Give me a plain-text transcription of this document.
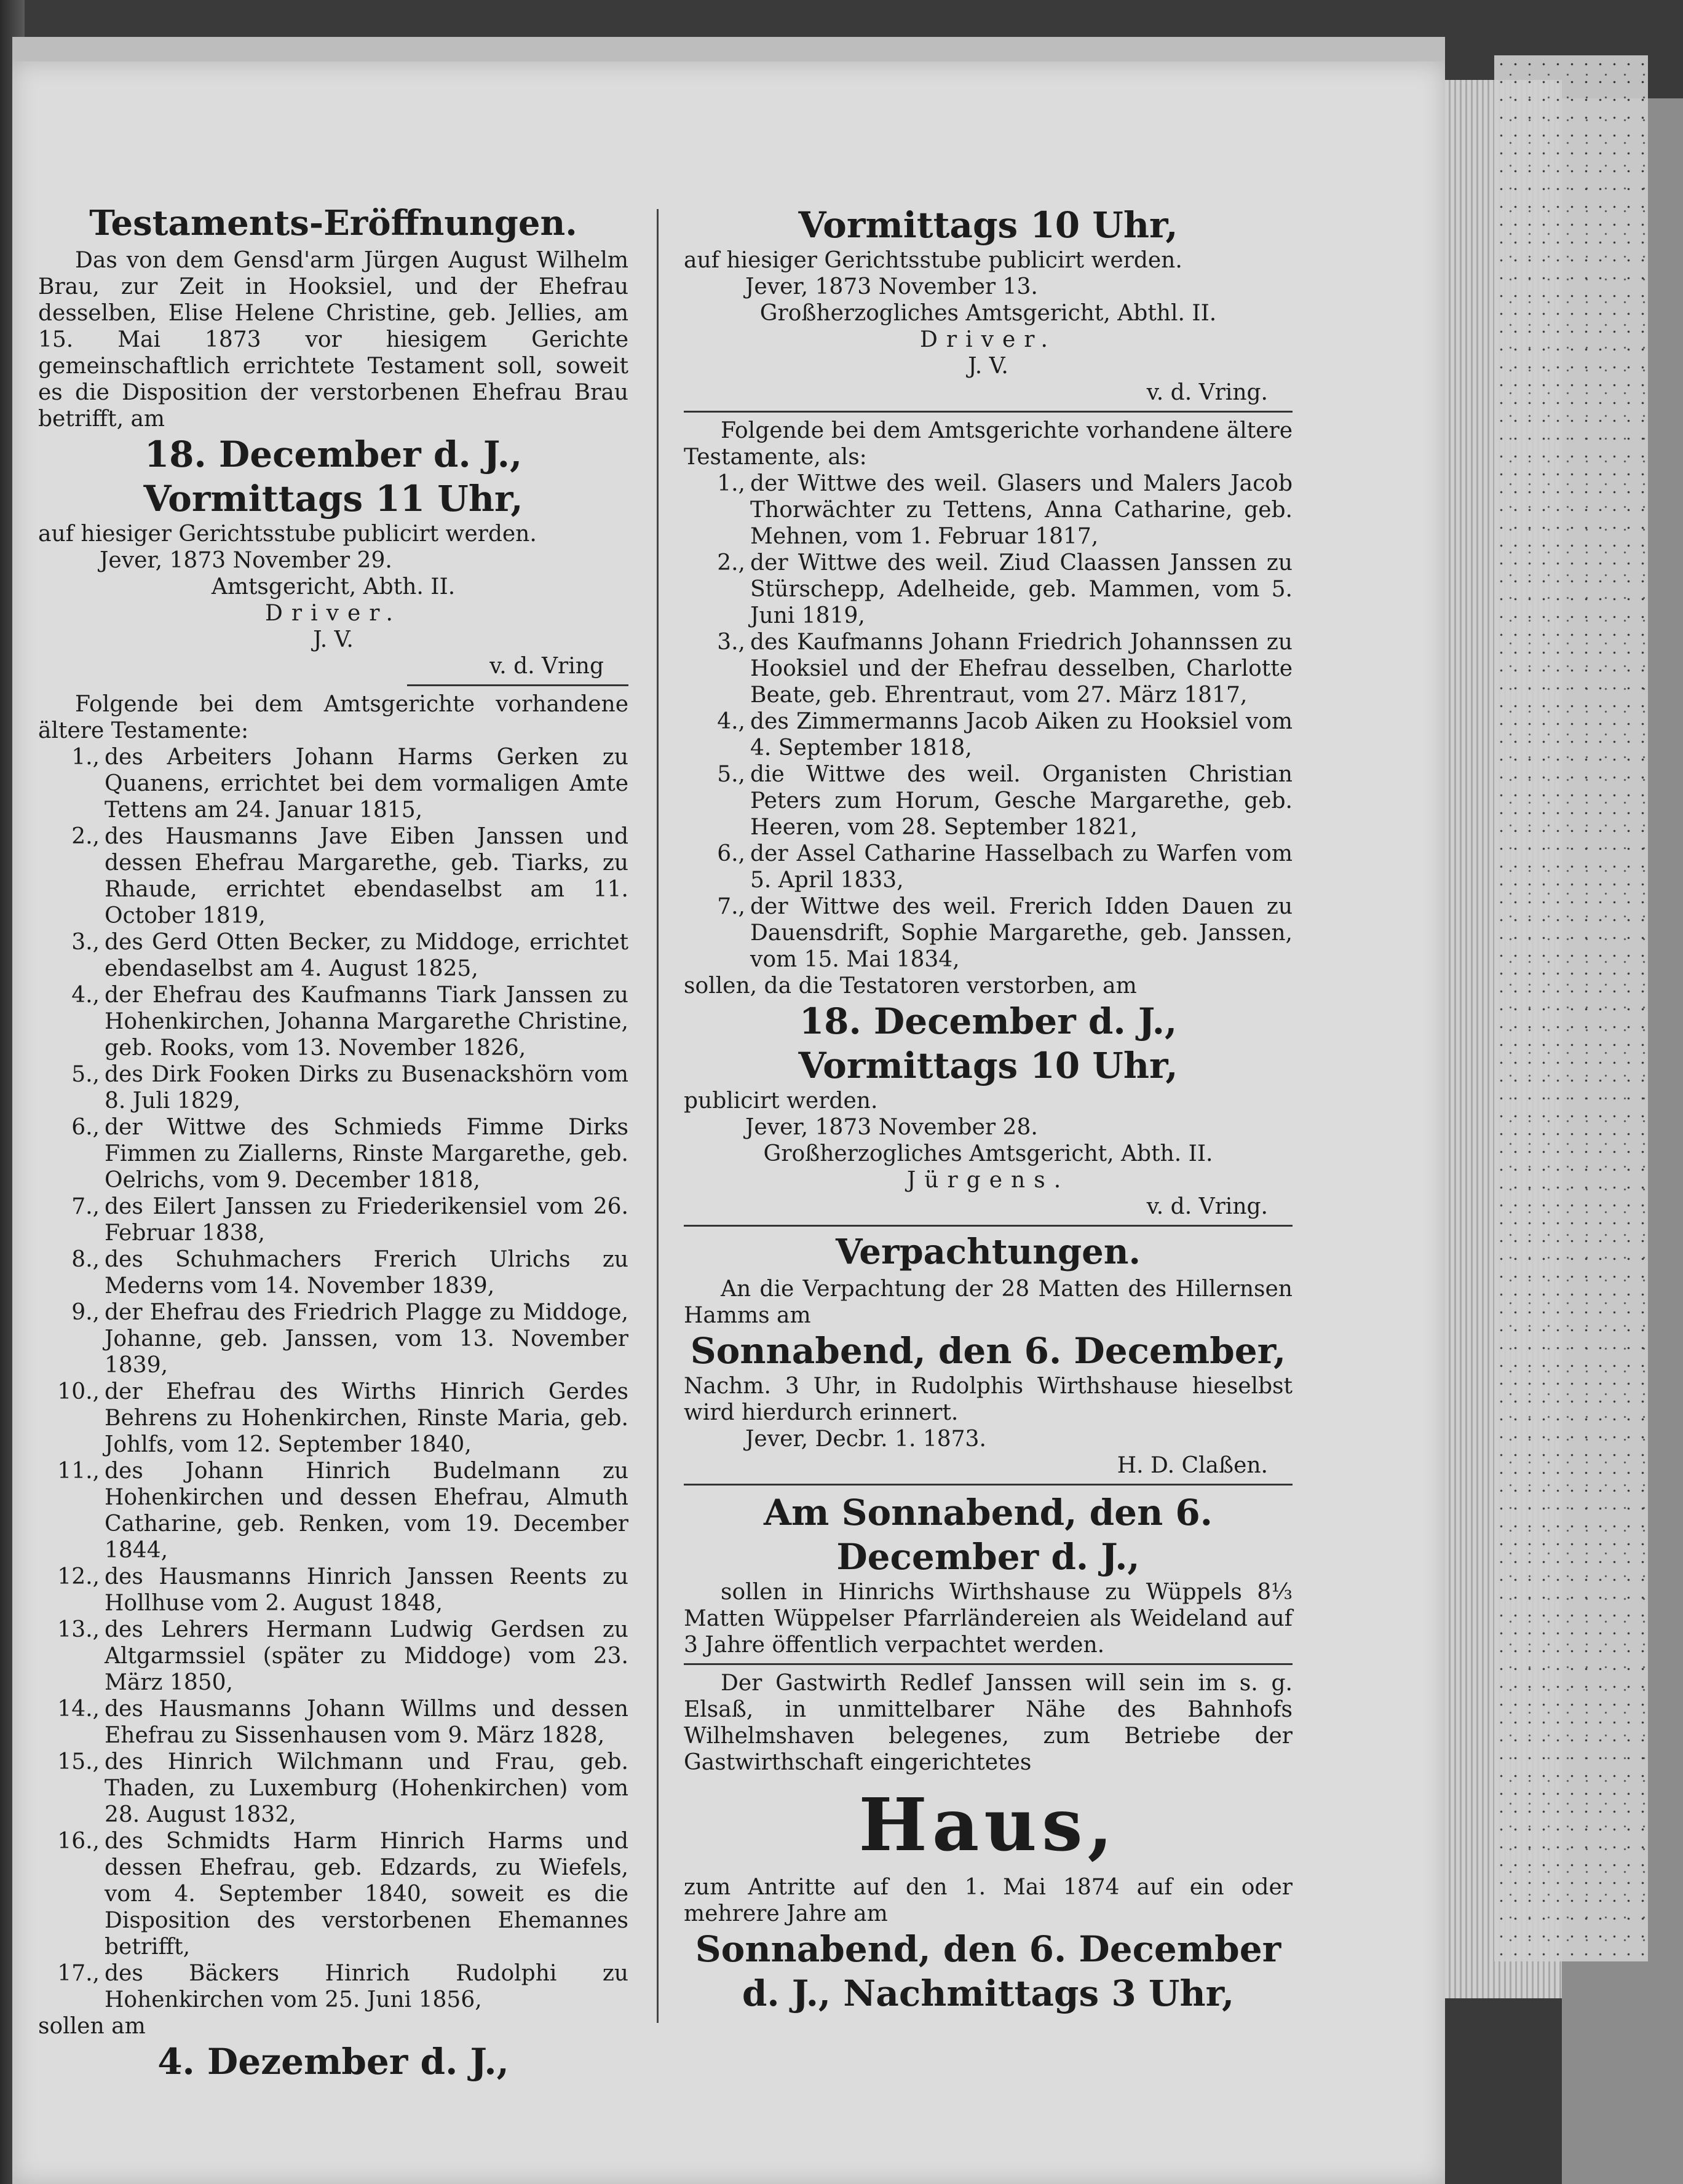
Testaments-Eröffnungen.

Das von dem Gensd'arm Jürgen August Wilhelm Brau, zur Zeit in Hooksiel, und der Ehefrau desselben, Elise Helene Christine, geb. Jellies, am 15. Mai 1873 vor hiesigem Gerichte gemeinschaftlich errichtete Testament soll, soweit es die Disposition der verstorbenen Ehefrau Brau betrifft, am

18. December d. J.,
Vormittags 11 Uhr,

auf hiesiger Gerichtsstube publicirt werden.

Jever, 1873 November 29.
Amtsgericht, Abth. II.
Driver.
J. V.
v. d. Vring

Folgende bei dem Amtsgerichte vorhandene ältere Testamente:

1., des Arbeiters Johann Harms Gerken zu Quanens, errichtet bei dem vormaligen Amte Tettens am 24. Januar 1815,
2., des Hausmanns Jave Eiben Janssen und dessen Ehefrau Margarethe, geb. Tiarks, zu Rhaude, errichtet ebendaselbst am 11. October 1819,
3., des Gerd Otten Becker, zu Middoge, errichtet ebendaselbst am 4. August 1825,
4., der Ehefrau des Kaufmanns Tiark Janssen zu Hohenkirchen, Johanna Margarethe Christine, geb. Rooks, vom 13. November 1826,
5., des Dirk Fooken Dirks zu Busenackshörn vom 8. Juli 1829,
6., der Wittwe des Schmieds Fimme Dirks Fimmen zu Ziallerns, Rinste Margarethe, geb. Oelrichs, vom 9. December 1818,
7., des Eilert Janssen zu Friederikensiel vom 26. Februar 1838,
8., des Schuhmachers Frerich Ulrichs zu Mederns vom 14. November 1839,
9., der Ehefrau des Friedrich Plagge zu Middoge, Johanne, geb. Janssen, vom 13. November 1839,
10., der Ehefrau des Wirths Hinrich Gerdes Behrens zu Hohenkirchen, Rinste Maria, geb. Johlfs, vom 12. September 1840,
11., des Johann Hinrich Budelmann zu Hohenkirchen und dessen Ehefrau, Almuth Catharine, geb. Renken, vom 19. December 1844,
12., des Hausmanns Hinrich Janssen Reents zu Hollhuse vom 2. August 1848,
13., des Lehrers Hermann Ludwig Gerdsen zu Altgarmssiel (später zu Middoge) vom 23. März 1850,
14., des Hausmanns Johann Willms und dessen Ehefrau zu Sissenhausen vom 9. März 1828,
15., des Hinrich Wilchmann und Frau, geb. Thaden, zu Luxemburg (Hohenkirchen) vom 28. August 1832,
16., des Schmidts Harm Hinrich Harms und dessen Ehefrau, geb. Edzards, zu Wiefels, vom 4. September 1840, soweit es die Disposition des verstorbenen Ehemannes betrifft,
17., des Bäckers Hinrich Rudolphi zu Hohenkirchen vom 25. Juni 1856,

sollen am

4. Dezember d. J.,
Vormittags 10 Uhr,

auf hiesiger Gerichtsstube publicirt werden.

Jever, 1873 November 13.
Großherzogliches Amtsgericht, Abthl. II.
Driver.
J. V.
v. d. Vring.

Folgende bei dem Amtsgerichte vorhandene ältere Testamente, als:

1., der Wittwe des weil. Glasers und Malers Jacob Thorwächter zu Tettens, Anna Catharine, geb. Mehnen, vom 1. Februar 1817,
2., der Wittwe des weil. Ziud Claassen Janssen zu Stürschepp, Adelheide, geb. Mammen, vom 5. Juni 1819,
3., des Kaufmanns Johann Friedrich Johannssen zu Hooksiel und der Ehefrau desselben, Charlotte Beate, geb. Ehrentraut, vom 27. März 1817,
4., des Zimmermanns Jacob Aiken zu Hooksiel vom 4. September 1818,
5., die Wittwe des weil. Organisten Christian Peters zum Horum, Gesche Margarethe, geb. Heeren, vom 28. September 1821,
6., der Assel Catharine Hasselbach zu Warfen vom 5. April 1833,
7., der Wittwe des weil. Frerich Idden Dauen zu Dauensdrift, Sophie Margarethe, geb. Janssen, vom 15. Mai 1834,

sollen, da die Testatoren verstorben, am

18. December d. J.,
Vormittags 10 Uhr,

publicirt werden.

Jever, 1873 November 28.
Großherzogliches Amtsgericht, Abth. II.
Jürgens.
v. d. Vring.
Verpachtungen.

An die Verpachtung der 28 Matten des Hillernsen Hamms am

Sonnabend, den 6. December,

Nachm. 3 Uhr, in Rudolphis Wirthshause hieselbst wird hierdurch erinnert.

Jever, Decbr. 1. 1873.
H. D. Claßen.
Am Sonnabend, den 6. December d. J.,

sollen in Hinrichs Wirthshause zu Wüppels 8⅓ Matten Wüppelser Pfarrländereien als Weideland auf 3 Jahre öffentlich verpachtet werden.

Der Gastwirth Redlef Janssen will sein im s. g. Elsaß, in unmittelbarer Nähe des Bahnhofs Wilhelmshaven belegenes, zum Betriebe der Gastwirthschaft eingerichtetes

Haus,

zum Antritte auf den 1. Mai 1874 auf ein oder mehrere Jahre am

Sonnabend, den 6. December d. J., Nachmittags 3 Uhr,
